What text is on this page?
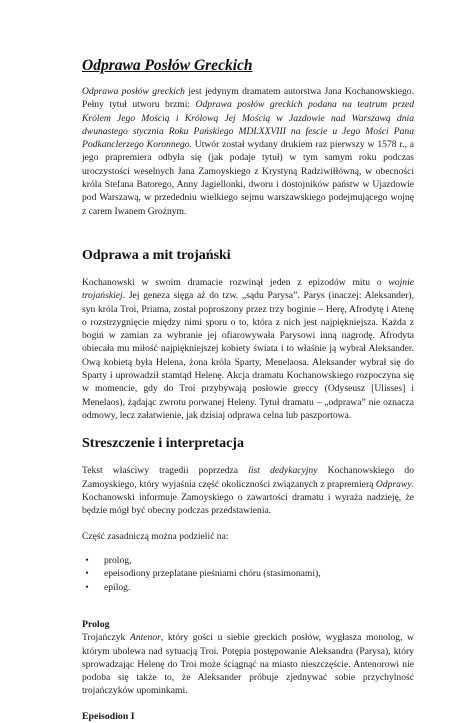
Odprawa Posłów Greckich

Odprawa posłów greckich jest jedynym dramatem autorstwa Jana Kochanowskiego. Pełny tytuł utworu brzmi: Odprawa posłów greckich podana na teatrum przed Królem Jego Mością i Królową Jej Mością w Jazdowie nad Warszawą dnia dwunastego stycznia Roku Pańskiego MDLXXVIII na fescie u Jego Mości Pana Podkanclerzego Koronnego. Utwór został wydany drukiem raz pierwszy w 1578 r., a jego prapremiera odbyła się (jak podaje tytuł) w tym samym roku podczas uroczystości weselnych Jana Zamoyskiego z Krystyną Radziwiłłówną, w obecności króla Stefana Batorego, Anny Jagiellonki, dworu i dostojników państw w Ujazdowie pod Warszawą, w przededniu wielkiego sejmu warszawskiego podejmującego wojnę z carem Iwanem Groźnym.

Odprawa a mit trojański

Kochanowski w swoim dramacie rozwinął jeden z epizodów mitu o wojnie trojańskiej. Jej geneza sięga aż do tzw. „sądu Parysa”. Parys (inaczej: Aleksander), syn króla Troi, Priama, został poproszony przez trzy boginie – Herę, Afrodytę i Atenę o rozstrzygnięcie między nimi sporu o to, która z nich jest najpiękniejsza. Każda z bogiń w zamian za wybranie jej ofiarowywała Parysowi inną nagrodę. Afrodyta obiecała mu miłość najpiękniejszej kobiety świata i to właśnie ją wybrał Aleksander. Ową kobietą była Helena, żona króla Sparty, Menelaosa. Aleksander wybrał się do Sparty i uprowadził stamtąd Helenę. Akcja dramatu Kochanowskiego rozpoczyna się w momencie, gdy do Troi przybywają posłowie greccy (Odyseusz [Ulisses] i Menelaos), żądając zwrotu porwanej Heleny. Tytuł dramatu – „odprawa” nie oznacza odmowy, lecz załatwienie, jak dzisiaj odprawa celna lub paszportowa.

Streszczenie i interpretacja

Tekst właściwy tragedii poprzedza list dedykacyjny Kochanowskiego do Zamoyskiego, który wyjaśnia część okoliczności związanych z prapremierą Odprawy. Kochanowski informuje Zamoyskiego o zawartości dramatu i wyraża nadzieję, że będzie mógł być obecny podczas przedstawienia.

Część zasadniczą można podzielić na:

•	prolog,
•	epeisodiony przeplatane pieśniami chóru (stasimonami),
•	epilog.
Prolog

Trojańczyk Antenor, który gości u siebie greckich posłów, wygłasza monolog, w którym ubolewa nad sytuacją Troi. Potępia postępowanie Aleksandra (Parysa), który sprowadzając Helenę do Troi może ściągnąć na miasto nieszczęście. Antenorowi nie podoba się także to, że Aleksander próbuje zjednywać sobie przychylność trojańczyków upominkami.

Epeisodion I
